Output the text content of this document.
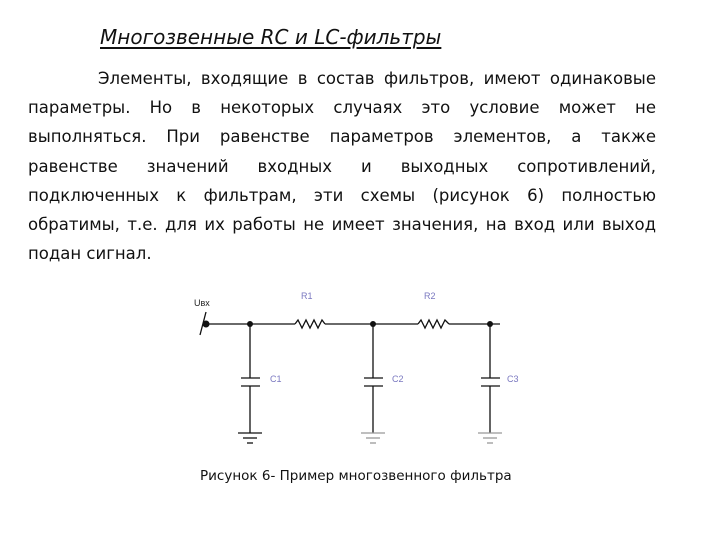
Многозвенные RC и LC-фильтры
Элементы, входящие в состав фильтров, имеют одинаковые параметры. Но в некоторых случаях это условие может не выполняться. При равенстве параметров элементов, а также равенстве значений входных и выходных сопротивлений, подключенных к фильтрам, эти схемы (рисунок 6) полностью обратимы, т.е. для их работы не имеет значения, на вход или выход подан сигнал.
Uвх
R1	R2
C1	C2	C3
Рисунок 6- Пример многозвенного фильтра
